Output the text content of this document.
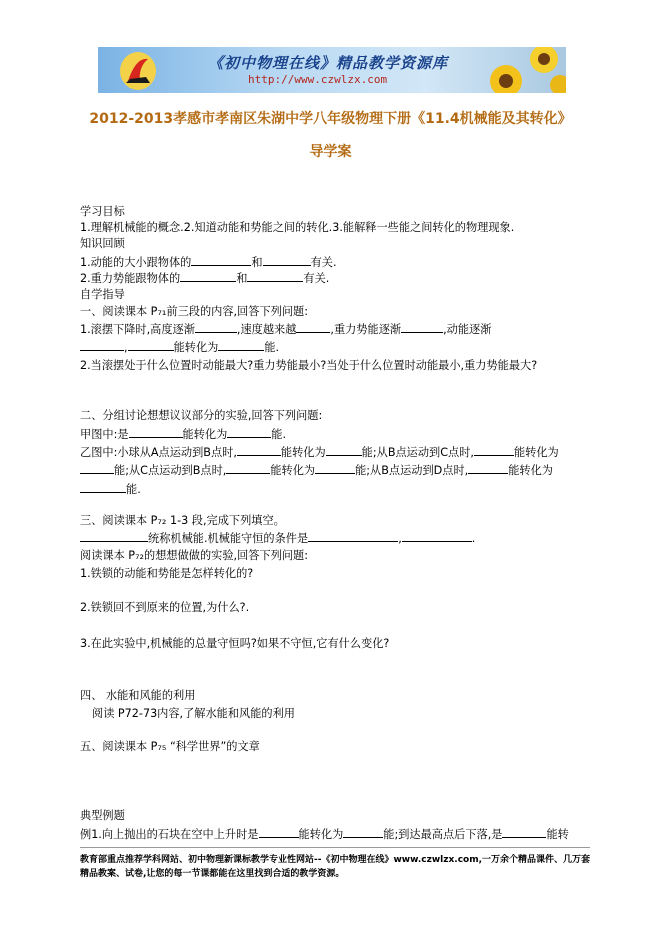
《初中物理在线》精品教学资源库
http://www.czwlzx.com
2012-2013孝感市孝南区朱湖中学八年级物理下册《11.4机械能及其转化》
导学案
学习目标
1.理解机械能的概念.2.知道动能和势能之间的转化.3.能解释一些能之间转化的物理现象.
知识回顾
1.动能的大小跟物体的	和	有关.
2.重力势能跟物体的	和	有关.
自学指导
一、阅读课本 P₇₁前三段的内容,回答下列问题:
1.滚摆下降时,高度逐渐	,速度越来越	,重力势能逐渐	,动能逐渐
,	能转化为	能.
2.当滚摆处于什么位置时动能最大?重力势能最小?当处于什么位置时动能最小,重力势能最大?
二、分组讨论想想议议部分的实验,回答下列问题:
甲图中:是	能转化为	能.
乙图中:小球从A点运动到B点时,	能转化为	能;从B点运动到C点时,	能转化为
能;从C点运动到B点时,	能转化为	能;从B点运动到D点时,	能转化为
能.
三、阅读课本 P₇₂ 1-3 段,完成下列填空。
统称机械能.机械能守恒的条件是	,	.
阅读课本 P₇₂的想想做做的实验,回答下列问题:
1.铁锁的动能和势能是怎样转化的?
2.铁锁回不到原来的位置,为什么?.
3.在此实验中,机械能的总量守恒吗?如果不守恒,它有什么变化?
四、 水能和风能的利用
阅读 P72-73内容,了解水能和风能的利用
五、阅读课本 P₇₅ “科学世界”的文章
典型例题
例1.向上抛出的石块在空中上升时是	能转化为	能;到达最高点后下落,是	能转
教育部重点推荐学科网站、初中物理新课标教学专业性网站--《初中物理在线》www.czwlzx.com,一万余个精品课件、几万套精品教案、试卷,让您的每一节课都能在这里找到合适的教学资源。
